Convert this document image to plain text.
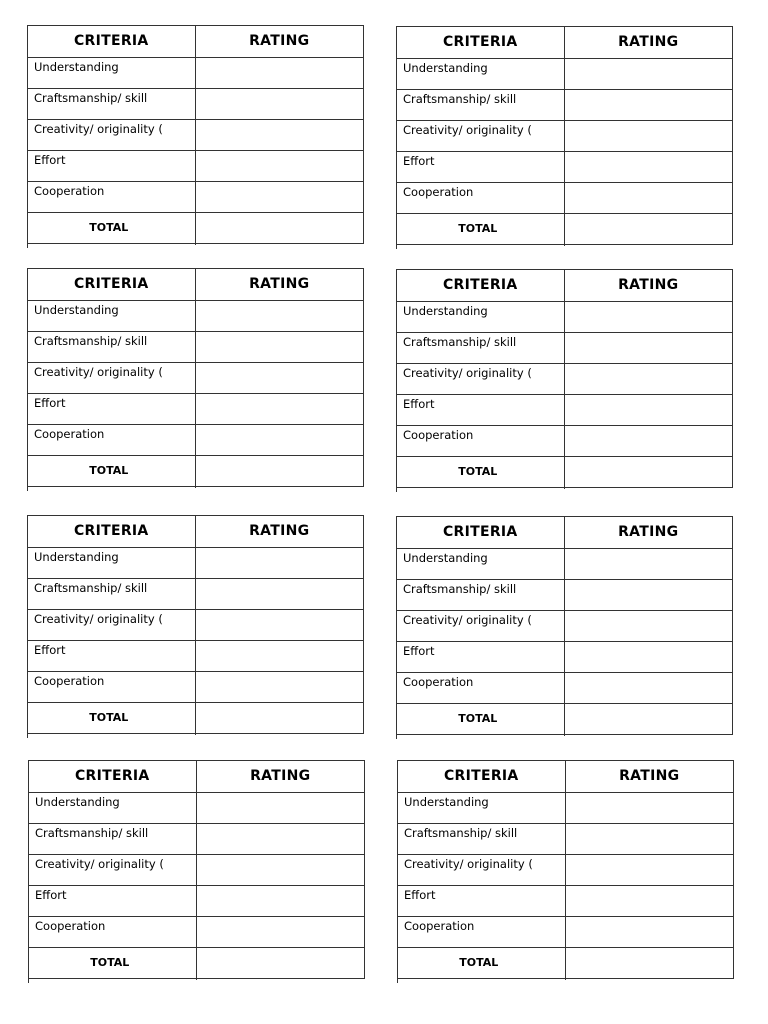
CRITERIA	RATING
Understanding	
Craftsmanship/ skill	
Creativity/ originality (	
Effort	
Cooperation	
TOTAL	

CRITERIA	RATING
Understanding	
Craftsmanship/ skill	
Creativity/ originality (	
Effort	
Cooperation	
TOTAL	

CRITERIA	RATING
Understanding	
Craftsmanship/ skill	
Creativity/ originality (	
Effort	
Cooperation	
TOTAL	

CRITERIA	RATING
Understanding	
Craftsmanship/ skill	
Creativity/ originality (	
Effort	
Cooperation	
TOTAL	

CRITERIA	RATING
Understanding	
Craftsmanship/ skill	
Creativity/ originality (	
Effort	
Cooperation	
TOTAL	

CRITERIA	RATING
Understanding	
Craftsmanship/ skill	
Creativity/ originality (	
Effort	
Cooperation	
TOTAL	

CRITERIA	RATING
Understanding	
Craftsmanship/ skill	
Creativity/ originality (	
Effort	
Cooperation	
TOTAL	

CRITERIA	RATING
Understanding	
Craftsmanship/ skill	
Creativity/ originality (	
Effort	
Cooperation	
TOTAL	
